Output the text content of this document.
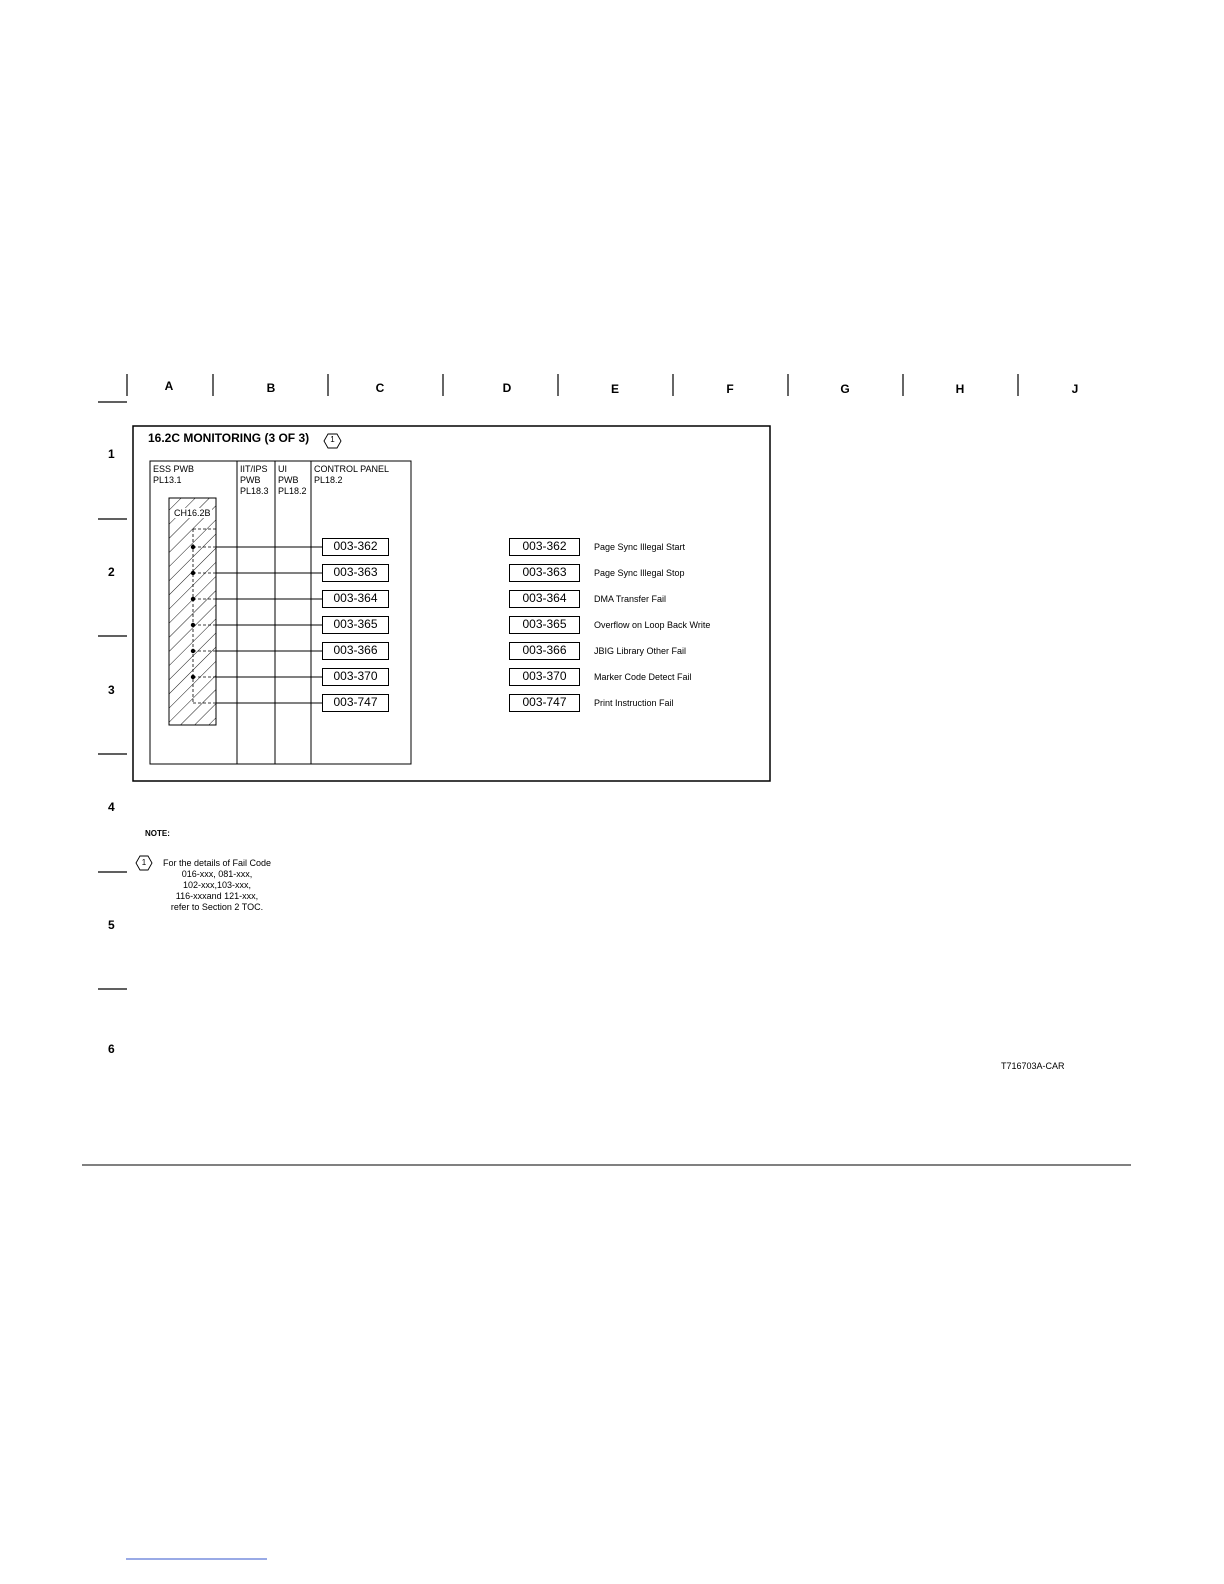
A	B	C	D	E	F	G	H	J
1
2
3
4
5
6
16.2C MONITORING (3 OF 3)	1
ESS PWB
PL13.1
IIT/IPS
PWB
PL18.3
UI
PWB
PL18.2
CONTROL PANEL
PL18.2
CH16.2B
003-362
003-363
003-364
003-365
003-366
003-370
003-747
003-362	Page Sync Illegal Start
003-363	Page Sync Illegal Stop
003-364	DMA Transfer Fail
003-365	Overflow on Loop Back Write
003-366	JBIG Library Other Fail
003-370	Marker Code Detect Fail
003-747	Print Instruction Fail
NOTE:
1	For the details of Fail Code
016-xxx, 081-xxx,
102-xxx,103-xxx,
116-xxxand 121-xxx,
refer to Section 2 TOC.
T716703A-CAR
